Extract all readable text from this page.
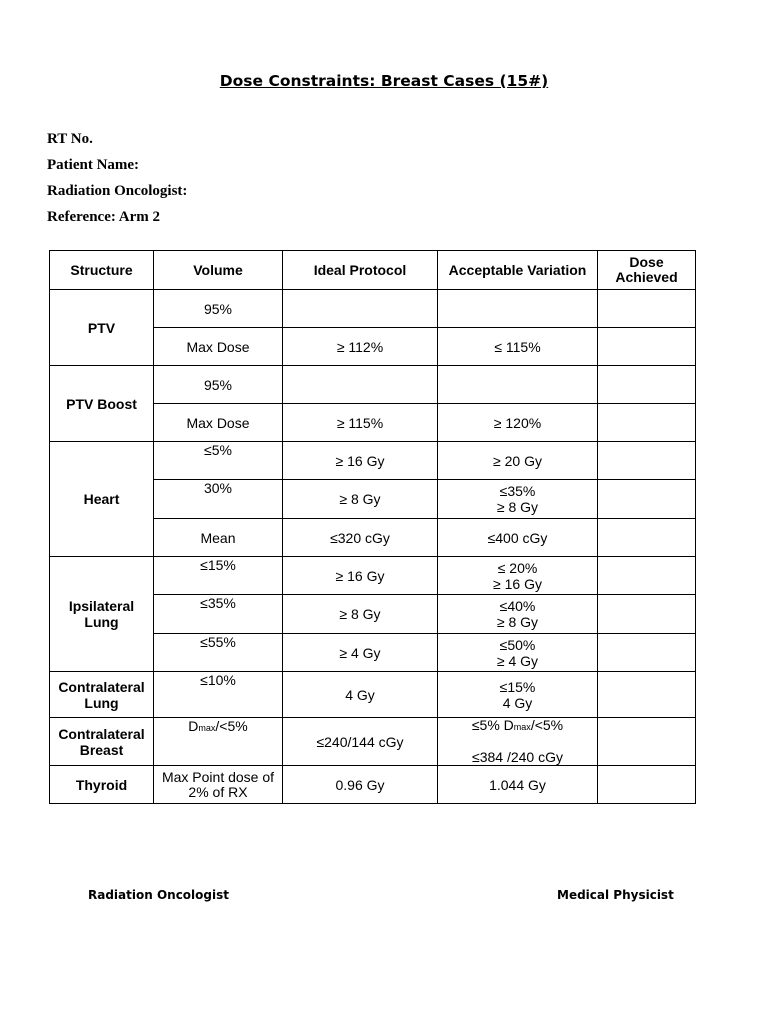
Dose Constraints: Breast Cases (15#)
RT No.
Patient Name:
Radiation Oncologist:
Reference: Arm 2
Structure	Volume	Ideal Protocol	Acceptable Variation	Dose
Achieved
PTV	95%			
	Max Dose	≥ 112%	≤ 115%	
PTV Boost	95%			
	Max Dose	≥ 115%	≥ 120%	
Heart	≤5%	≥ 16 Gy	≥ 20 Gy	
	30%	≥ 8 Gy	≤35%
≥ 8 Gy	
	Mean	≤320 cGy	≤400 cGy	
Ipsilateral
Lung	≤15%	≥ 16 Gy	≤ 20%
≥ 16 Gy	
	≤35%	≥ 8 Gy	≤40%
≥ 8 Gy	
	≤55%	≥ 4 Gy	≤50%
≥ 4 Gy	
Contralateral
Lung	≤10%	4 Gy	≤15%
4 Gy	
Contralateral
Breast	Dmax/<5%	≤240/144 cGy	≤5% Dmax/<5%

≤384 /240 cGy	
Thyroid	Max Point dose of
2% of RX	0.96 Gy	1.044 Gy	
Radiation Oncologist	Medical Physicist
